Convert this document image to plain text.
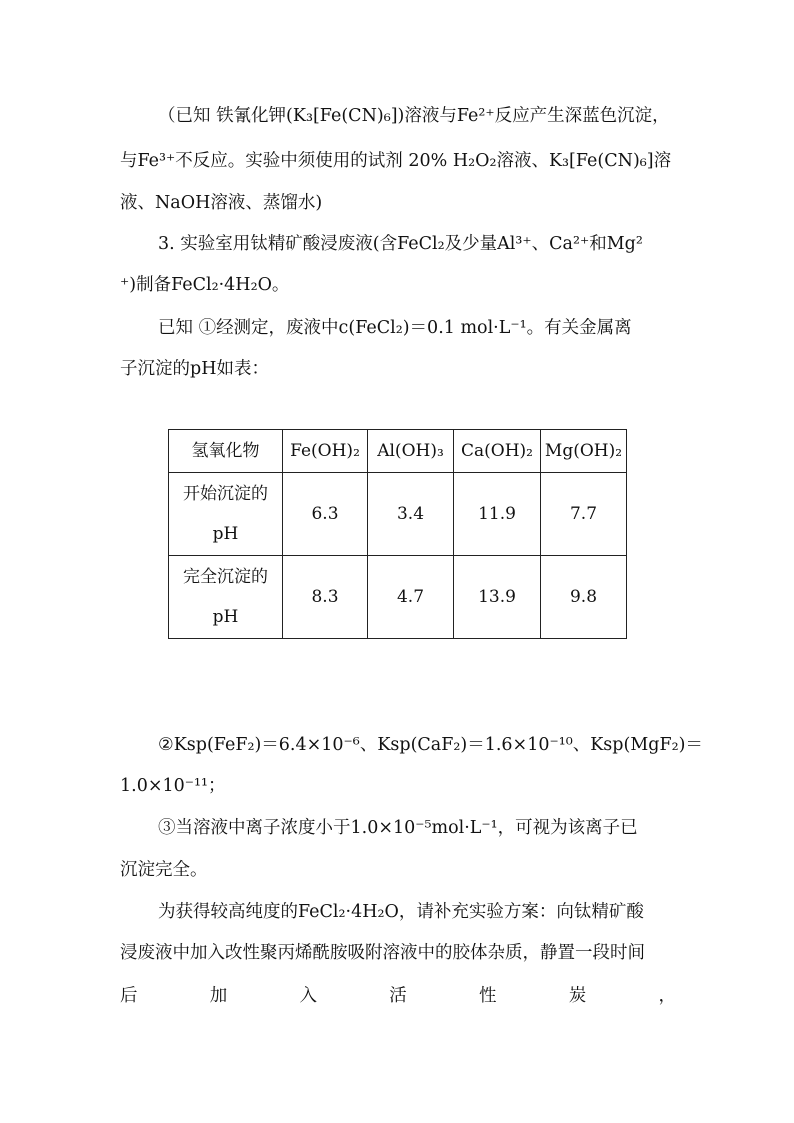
（已知 铁氰化钾(K₃[Fe(CN)₆])溶液与Fe²⁺反应产生深蓝色沉淀，
与Fe³⁺不反应。实验中须使用的试剂 20% H₂O₂溶液、K₃[Fe(CN)₆]溶
液、NaOH溶液、蒸馏水)
3. 实验室用钛精矿酸浸废液(含FeCl₂及少量Al³⁺、Ca²⁺和Mg²
⁺)制备FeCl₂·4H₂O。
已知 ①经测定，废液中c(FeCl₂)＝0.1 mol·L⁻¹。有关金属离
子沉淀的pH如表：
氢氧化物	Fe(OH)₂	Al(OH)₃	Ca(OH)₂	Mg(OH)₂

开始沉淀的
pH	6.3	3.4	11.9	7.7

完全沉淀的
pH	8.3	4.7	13.9	9.8
②Ksp(FeF₂)＝6.4×10⁻⁶、Ksp(CaF₂)＝1.6×10⁻¹⁰、Ksp(MgF₂)＝
1.0×10⁻¹¹；
③当溶液中离子浓度小于1.0×10⁻⁵mol·L⁻¹，可视为该离子已
沉淀完全。
为获得较高纯度的FeCl₂·4H₂O，请补充实验方案：向钛精矿酸
浸废液中加入改性聚丙烯酰胺吸附溶液中的胶体杂质，静置一段时间
后	加	入	活	性	炭	，
